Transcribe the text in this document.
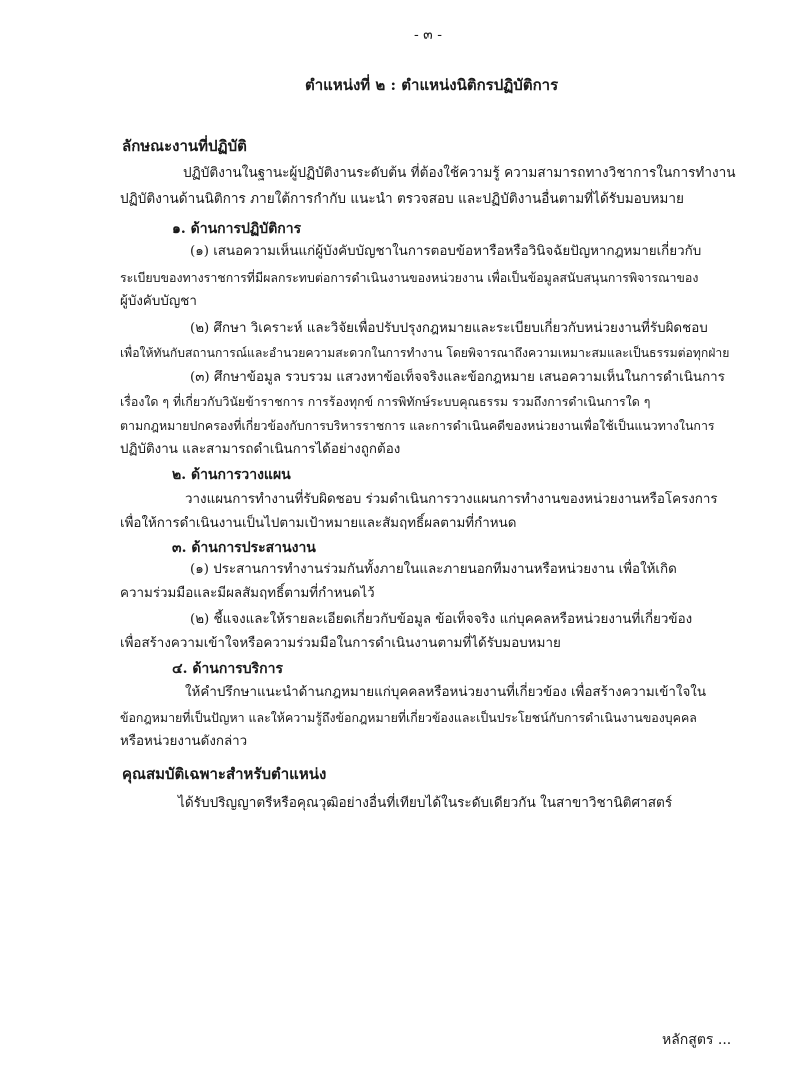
- ๓ -
ตำแหน่งที่ ๒ : ตำแหน่งนิติกรปฏิบัติการ
ลักษณะงานที่ปฏิบัติ
ปฏิบัติงานในฐานะผู้ปฏิบัติงานระดับต้น ที่ต้องใช้ความรู้ ความสามารถทางวิชาการในการทำงาน
ปฏิบัติงานด้านนิติการ ภายใต้การกำกับ แนะนำ ตรวจสอบ และปฏิบัติงานอื่นตามที่ได้รับมอบหมาย
๑. ด้านการปฏิบัติการ
(๑) เสนอความเห็นแก่ผู้บังคับบัญชาในการตอบข้อหารือหรือวินิจฉัยปัญหากฎหมายเกี่ยวกับ
ระเบียบของทางราชการที่มีผลกระทบต่อการดำเนินงานของหน่วยงาน เพื่อเป็นข้อมูลสนับสนุนการพิจารณาของ
ผู้บังคับบัญชา
(๒) ศึกษา วิเคราะห์ และวิจัยเพื่อปรับปรุงกฎหมายและระเบียบเกี่ยวกับหน่วยงานที่รับผิดชอบ
เพื่อให้ทันกับสถานการณ์และอำนวยความสะดวกในการทำงาน โดยพิจารณาถึงความเหมาะสมและเป็นธรรมต่อทุกฝ่าย
(๓) ศึกษาข้อมูล รวบรวม แสวงหาข้อเท็จจริงและข้อกฎหมาย เสนอความเห็นในการดำเนินการ
เรื่องใด ๆ ที่เกี่ยวกับวินัยข้าราชการ การร้องทุกข์ การพิทักษ์ระบบคุณธรรม รวมถึงการดำเนินการใด ๆ
ตามกฎหมายปกครองที่เกี่ยวข้องกับการบริหารราชการ และการดำเนินคดีของหน่วยงานเพื่อใช้เป็นแนวทางในการ
ปฏิบัติงาน และสามารถดำเนินการได้อย่างถูกต้อง
๒. ด้านการวางแผน
วางแผนการทำงานที่รับผิดชอบ ร่วมดำเนินการวางแผนการทำงานของหน่วยงานหรือโครงการ
เพื่อให้การดำเนินงานเป็นไปตามเป้าหมายและสัมฤทธิ์ผลตามที่กำหนด
๓. ด้านการประสานงาน
(๑) ประสานการทำงานร่วมกันทั้งภายในและภายนอกทีมงานหรือหน่วยงาน เพื่อให้เกิด
ความร่วมมือและมีผลสัมฤทธิ์ตามที่กำหนดไว้
(๒) ชี้แจงและให้รายละเอียดเกี่ยวกับข้อมูล ข้อเท็จจริง แก่บุคคลหรือหน่วยงานที่เกี่ยวข้อง
เพื่อสร้างความเข้าใจหรือความร่วมมือในการดำเนินงานตามที่ได้รับมอบหมาย
๔. ด้านการบริการ
ให้คำปรึกษาแนะนำด้านกฎหมายแก่บุคคลหรือหน่วยงานที่เกี่ยวข้อง เพื่อสร้างความเข้าใจใน
ข้อกฎหมายที่เป็นปัญหา และให้ความรู้ถึงข้อกฎหมายที่เกี่ยวข้องและเป็นประโยชน์กับการดำเนินงานของบุคคล
หรือหน่วยงานดังกล่าว
คุณสมบัติเฉพาะสำหรับตำแหน่ง
ได้รับปริญญาตรีหรือคุณวุฒิอย่างอื่นที่เทียบได้ในระดับเดียวกัน ในสาขาวิชานิติศาสตร์
หลักสูตร ...
